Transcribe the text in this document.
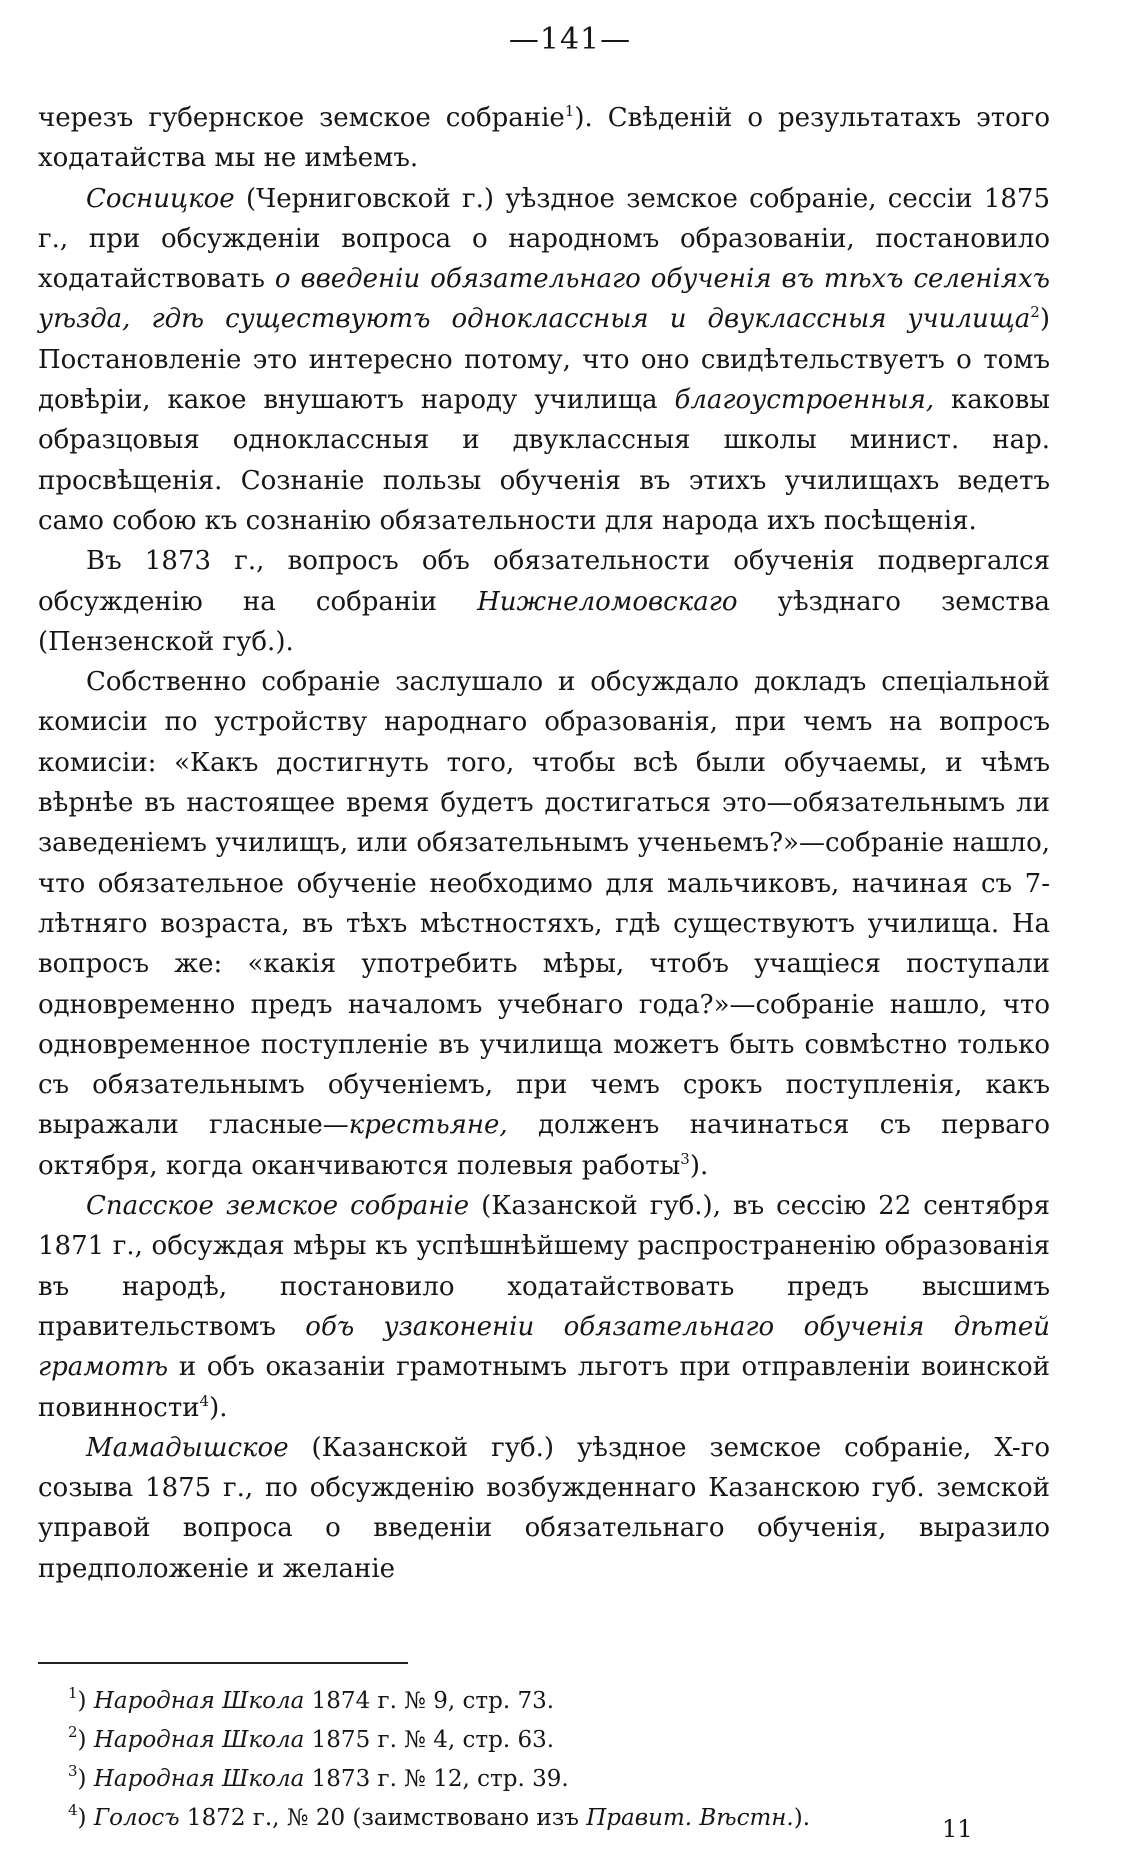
—141—

черезъ губернское земское собраніе$^1$). Свѣденій о результатахъ этого ходатайства мы не имѣемъ.

Сосницкое (Черниговской г.) уѣздное земское собраніе, сессіи 1875 г., при обсужденіи вопроса о народномъ образованіи, постановило ходатайствовать о введеніи обязательнаго обученія въ тѣхъ селеніяхъ уѣзда, гдѣ существуютъ одноклассныя и двуклассныя училища$^2$) Постановленіе это интересно потому, что оно свидѣтельствуетъ о томъ довѣріи, какое внушаютъ народу училища благоустроенныя, каковы образцовыя одноклассныя и двуклассныя школы минист. нар. просвѣщенія. Сознаніе пользы обученія въ этихъ училищахъ ведетъ само собою къ сознанію обязательности для народа ихъ посѣщенія.

Въ 1873 г., вопросъ объ обязательности обученія подвергался обсужденію на собраніи Нижнеломовскаго уѣзднаго земства (Пензенской губ.).

Собственно собраніе заслушало и обсуждало докладъ спеціальной комисіи по устройству народнаго образованія, при чемъ на вопросъ комисіи: «Какъ достигнуть того, чтобы всѣ были обучаемы, и чѣмъ вѣрнѣе въ настоящее время будетъ достигаться это—обязательнымъ ли заведеніемъ училищъ, или обязательнымъ ученьемъ?»—собраніе нашло, что обязательное обученіе необходимо для мальчиковъ, начиная съ 7-лѣтняго возраста, въ тѣхъ мѣстностяхъ, гдѣ существуютъ училища. На вопросъ же: «какія употребить мѣры, чтобъ учащіеся поступали одновременно предъ началомъ учебнаго года?»—собраніе нашло, что одновременное поступленіе въ училища можетъ быть совмѣстно только съ обязательнымъ обученіемъ, при чемъ срокъ поступленія, какъ выражали гласные—крестьяне, долженъ начинаться съ перваго октября, когда оканчиваются полевыя работы$^3$).

Спасское земское собраніе (Казанской губ.), въ сессію 22 сентября 1871 г., обсуждая мѣры къ успѣшнѣйшему распространенію образованія въ народѣ, постановило ходатайствовать предъ высшимъ правительствомъ объ узаконеніи обязательнаго обученія дѣтей грамотѣ и объ оказаніи грамотнымъ льготъ при отправленіи воинской повинности$^4$).

Мамадышское (Казанской губ.) уѣздное земское собраніе, X-го созыва 1875 г., по обсужденію возбужденнаго Казанскою губ. земской управой вопроса о введеніи обязательнаго обученія, выразило предположеніе и желаніе

$^1$) Народная Школа 1874 г. № 9, стр. 73.
$^2$) Народная Школа 1875 г. № 4, стр. 63.
$^3$) Народная Школа 1873 г. № 12, стр. 39.
$^4$) Голосъ 1872 г., № 20 (заимствовано изъ Правит. Вѣстн.).	11
